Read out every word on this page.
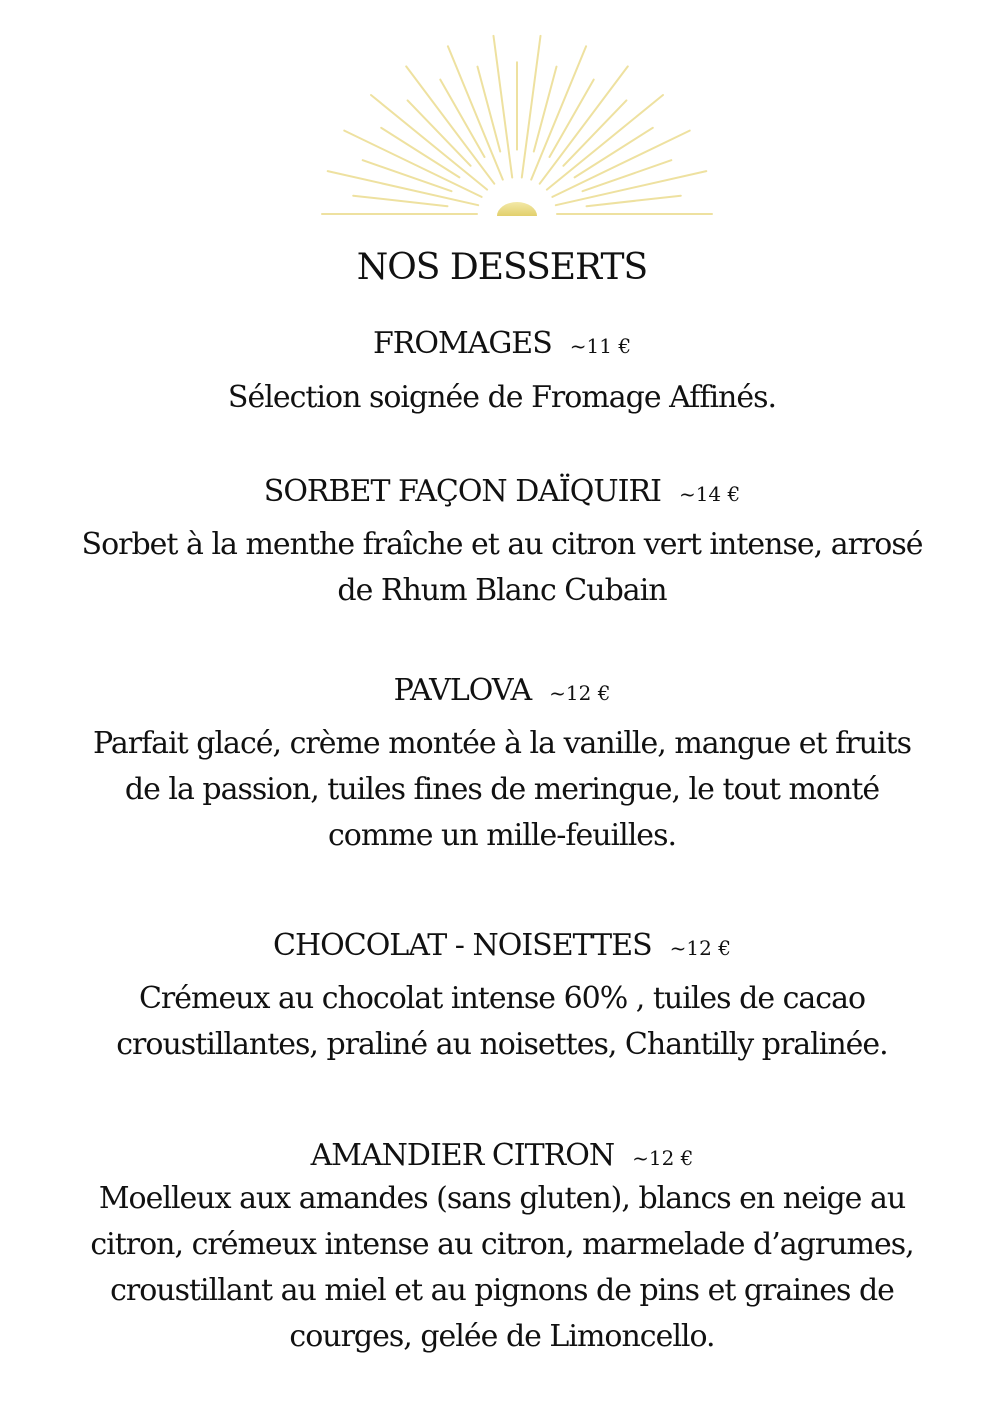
NOS DESSERTS
FROMAGES ~11 €

Sélection soignée de Fromage Affinés.

SORBET FAÇON DAÏQUIRI ~14 €

Sorbet à la menthe fraîche et au citron vert intense, arrosé
de Rhum Blanc Cubain

PAVLOVA ~12 €

Parfait glacé, crème montée à la vanille, mangue et fruits
de la passion, tuiles fines de meringue, le tout monté
comme un mille-feuilles.

CHOCOLAT - NOISETTES ~12 €

Crémeux au chocolat intense 60% , tuiles de cacao
croustillantes, praliné au noisettes, Chantilly pralinée.

AMANDIER CITRON ~12 €

Moelleux aux amandes (sans gluten), blancs en neige au
citron, crémeux intense au citron, marmelade d’agrumes,
croustillant au miel et au pignons de pins et graines de
courges, gelée de Limoncello.
